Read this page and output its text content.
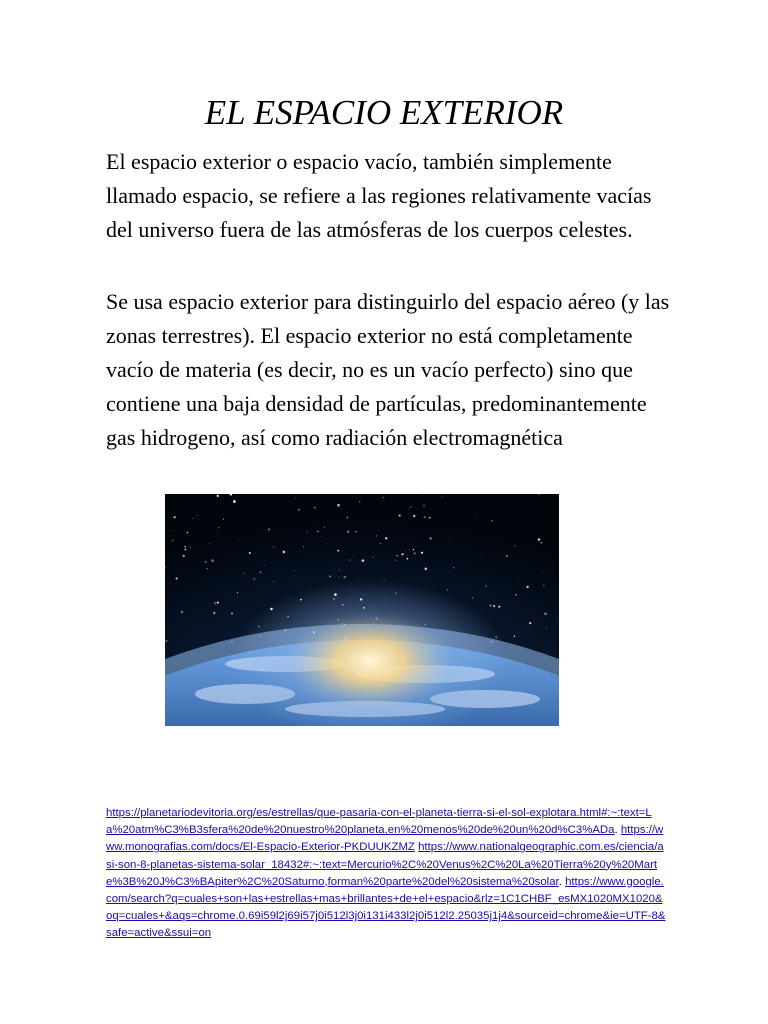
EL ESPACIO EXTERIOR

El espacio exterior o espacio vacío, también simplemente llamado espacio, se refiere a las regiones relativamente vacías del universo fuera de las atmósferas de los cuerpos celestes.

Se usa espacio exterior para distinguirlo del espacio aéreo (y las zonas terrestres). El espacio exterior no está completamente vacío de materia (es decir, no es un vacío perfecto) sino que contiene una baja densidad de partículas, predominantemente gas hidrogeno, así como radiación electromagnética

https://planetariodevitoria.org/es/estrellas/que-pasaria-con-el-planeta-tierra-si-el-sol-explotara.html#:~:text=La%20atm%C3%B3sfera%20de%20nuestro%20planeta,en%20menos%20de%20un%20d%C3%ADa. https://www.monografias.com/docs/El-Espacio-Exterior-PKDUUKZMZ https://www.nationalgeographic.com.es/ciencia/asi-son-8-planetas-sistema-solar_18432#:~:text=Mercurio%2C%20Venus%2C%20La%20Tierra%20y%20Marte%3B%20J%C3%BApiter%2C%20Saturno,forman%20parte%20del%20sistema%20solar. https://www.google.com/search?q=cuales+son+las+estrellas+mas+brillantes+de+el+espacio&rlz=1C1CHBF_esMX1020MX1020&oq=cuales+&aqs=chrome.0.69i59l2j69i57j0i512l3j0i131i433l2j0i512l2.25035j1j4&sourceid=chrome&ie=UTF-8&safe=active&ssui=on
